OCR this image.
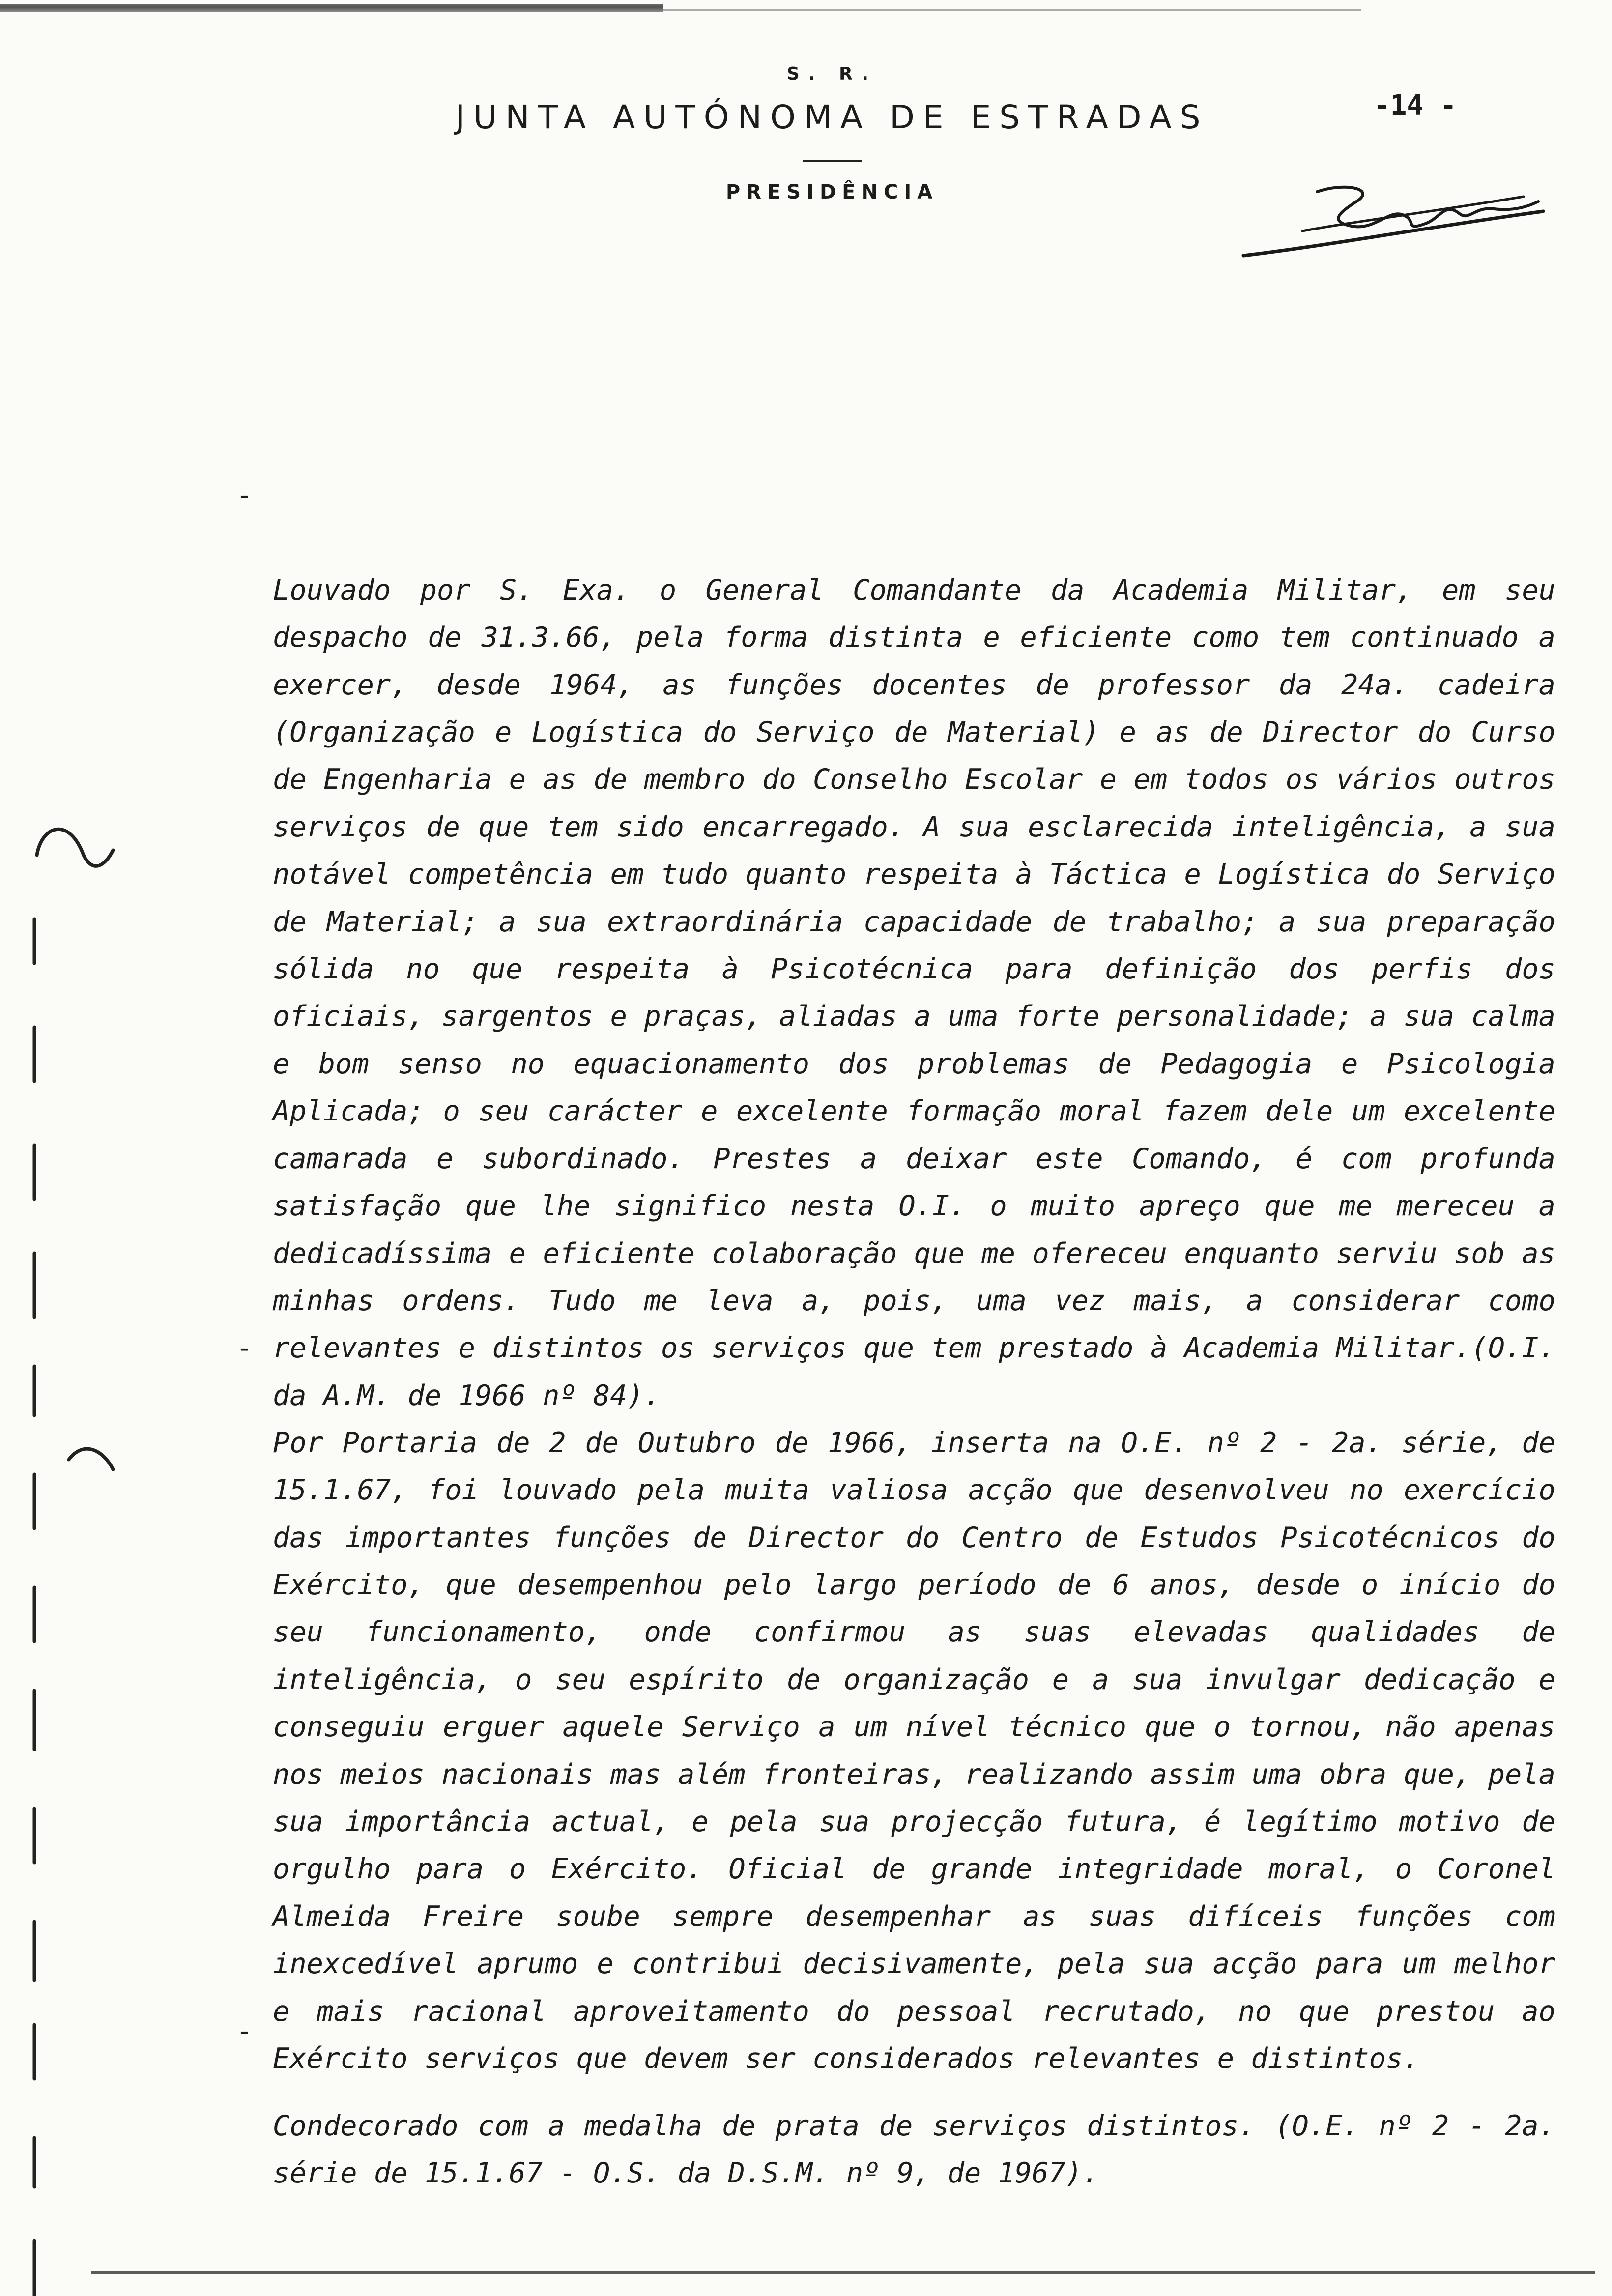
S. R.
JUNTA AUTÓNOMA DE ESTRADAS
PRESIDÊNCIA
-14 -

-

Louvado por S. Exa. o General Comandante da Academia Militar, em seu despacho de 31.3.66, pela forma distinta e eficiente como tem continuado a exercer, desde 1964, as funções docentes de professor da 24a. cadeira (Organização e Logística do Serviço de Material) e as de Director do Curso de Engenharia e as de membro do Conselho Escolar e em todos os vários outros serviços de que tem sido encarregado. A sua esclarecida inteligência, a sua notável competência em tudo quanto respeita à Táctica e Logística do Serviço de Material; a sua extraordinária capacidade de trabalho; a sua preparação sólida no que respeita à Psicotécnica para definição dos perfis dos oficiais, sargentos e praças, aliadas a uma forte personalidade; a sua calma e bom senso no equacionamento dos problemas de Pedagogia e Psicologia Aplicada; o seu carácter e excelente formação moral fazem dele um excelente camarada e subordinado. Prestes a deixar este Comando, é com profunda satisfação que lhe significo nesta O.I. o muito apreço que me mereceu a dedicadíssima e eficiente colaboração que me ofereceu enquanto serviu sob as minhas ordens. Tudo me leva a, pois, uma vez mais, a considerar como relevantes e distintos os serviços que tem prestado à Academia Militar.(O.I. da A.M. de 1966 nº 84).

-

Por Portaria de 2 de Outubro de 1966, inserta na O.E. nº 2 - 2a. série, de 15.1.67, foi louvado pela muita valiosa acção que desenvolveu no exercício das importantes funções de Director do Centro de Estudos Psicotécnicos do Exército, que desempenhou pelo largo período de 6 anos, desde o início do seu funcionamento, onde confirmou as suas elevadas qualidades de inteligência, o seu espírito de organização e a sua invulgar dedicação e conseguiu erguer aquele Serviço a um nível técnico que o tornou, não apenas nos meios nacionais mas além fronteiras, realizando assim uma obra que, pela sua importância actual, e pela sua projecção futura, é legítimo motivo de orgulho para o Exército. Oficial de grande integridade moral, o Coronel Almeida Freire soube sempre desempenhar as suas difíceis funções com inexcedível aprumo e contribui decisivamente, pela sua acção para um melhor e mais racional aproveitamento do pessoal recrutado, no que prestou ao Exército serviços que devem ser considerados relevantes e distintos.

-

Condecorado com a medalha de prata de serviços distintos. (O.E. nº 2 - 2a. série de 15.1.67 - O.S. da D.S.M. nº 9, de 1967).
